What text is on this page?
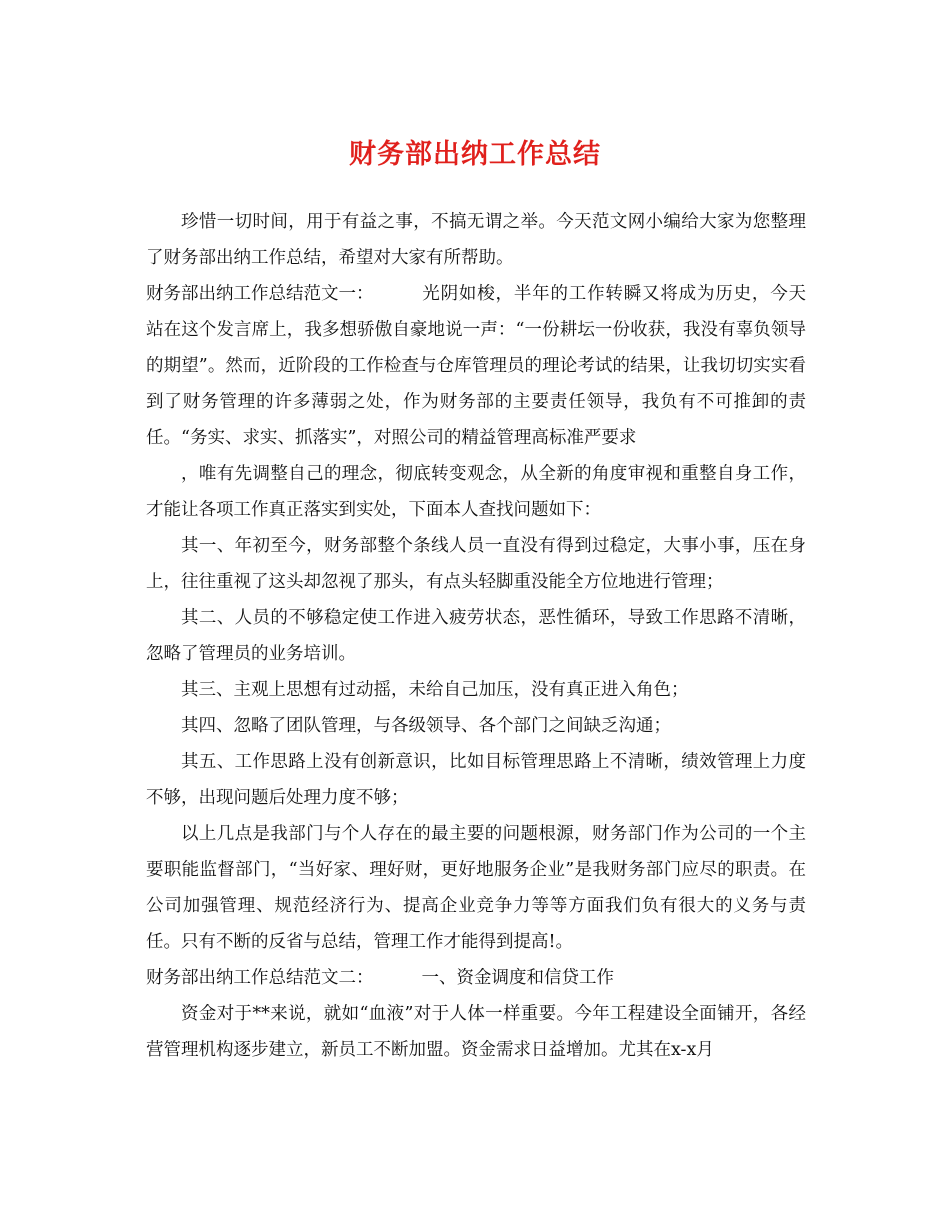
财务部出纳工作总结

珍惜一切时间，用于有益之事，不搞无谓之举。今天范文网小编给大家为您整理了财务部出纳工作总结，希望对大家有所帮助。

财务部出纳工作总结范文一：	光阴如梭，半年的工作转瞬又将成为历史，今天站在这个发言席上，我多想骄傲自豪地说一声：“一份耕坛一份收获，我没有辜负领导的期望”。然而，近阶段的工作检查与仓库管理员的理论考试的结果，让我切切实实看到了财务管理的许多薄弱之处，作为财务部的主要责任领导，我负有不可推卸的责任。“务实、求实、抓落实”，对照公司的精益管理高标准严要求

，唯有先调整自己的理念，彻底转变观念，从全新的角度审视和重整自身工作，才能让各项工作真正落实到实处，下面本人查找问题如下：

其一、年初至今，财务部整个条线人员一直没有得到过稳定，大事小事，压在身上，往往重视了这头却忽视了那头，有点头轻脚重没能全方位地进行管理；

其二、人员的不够稳定使工作进入疲劳状态，恶性循环，导致工作思路不清晰，忽略了管理员的业务培训。

其三、主观上思想有过动摇，未给自己加压，没有真正进入角色；

其四、忽略了团队管理，与各级领导、各个部门之间缺乏沟通；

其五、工作思路上没有创新意识，比如目标管理思路上不清晰，绩效管理上力度不够，出现问题后处理力度不够；

以上几点是我部门与个人存在的最主要的问题根源，财务部门作为公司的一个主要职能监督部门，“当好家、理好财，更好地服务企业”是我财务部门应尽的职责。在公司加强管理、规范经济行为、提高企业竞争力等等方面我们负有很大的义务与责任。只有不断的反省与总结，管理工作才能得到提高!。

财务部出纳工作总结范文二：	一、资金调度和信贷工作

资金对于**来说，就如“血液”对于人体一样重要。今年工程建设全面铺开，各经营管理机构逐步建立，新员工不断加盟。资金需求日益增加。尤其在x-x月
